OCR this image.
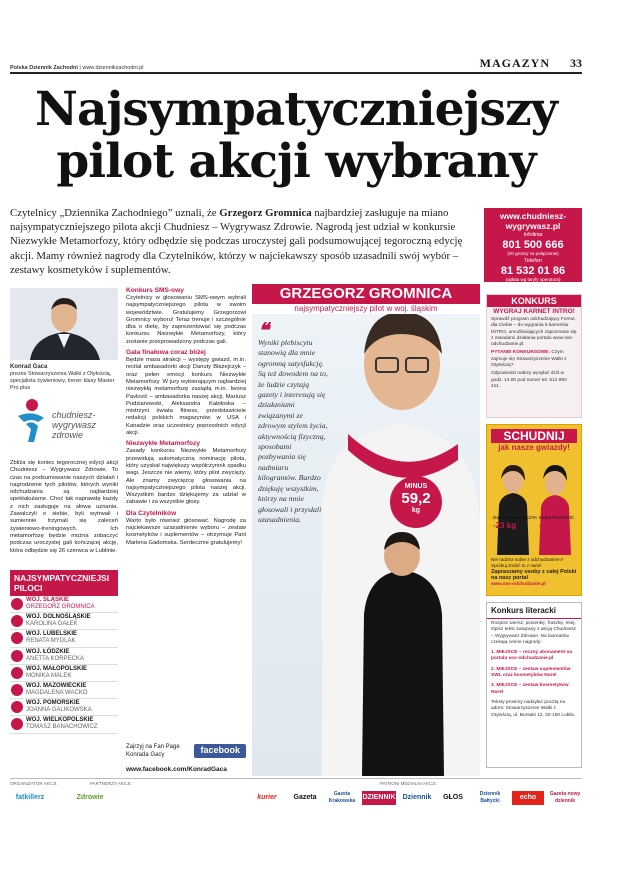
Polska Dziennik Zachodni | www.dziennikzachodni.pl	MAGAZYN 33
Najsympatyczniejszy
pilot akcji wybrany
Czytelnicy „Dziennika Zachodniego” uznali, że Grzegorz Gromnica najbardziej zasługuje na miano najsympatyczniejszego pilota akcji Chudniesz – Wygrywasz Zdrowie. Nagrodą jest udział w konkursie Niezwykłe Metamorfozy, który odbędzie się podczas uroczystej gali podsumowującej tegoroczną edycję akcji. Mamy również nagrody dla Czytelników, którzy w najciekawszy sposób uzasadnili swój wybór – zestawy kosmetyków i suplementów.
www.chudniesz-wygrywasz.pl
Infolinia
801 500 666
(20 groszy za połączenie)
Telefon
81 532 01 86
(opłata wg taryfy operatora)
Konrad Gaca
prezes Stowarzyszenia Walki z Otyłością, specjalista żywieniowy, trener klasy Master Pro plus
chudniesz-
wygrywasz
zdrowie
Zbliża się koniec tegorocznej edycji akcji Chudniesz – Wygrywasz Zdrowie. To czas na podsumowanie naszych działań i nagrodzenie tych pilotów, których wyniki odchudzania są najbardziej spektakularne. Choć tak naprawdę każdy z nich zasługuje na słowa uznania. Zawalczyli o siebie, byli wytrwali i sumiennie trzymali się zaleceń żywieniowo-treningowych. Ich metamorfozę będzie można zobaczyć podczas uroczystej gali kończącej akcję, która odbędzie się 26 czerwca w Lublinie.
NAJSYMPATYCZNIEJSI
PILOCI
WOJ. ŚLĄSKIE
GRZEGORZ GROMNICA
WOJ. DOLNOŚLĄSKIE
KAROLINA GAŁEK
WOJ. LUBELSKIE
RENATA MYDLAK
WOJ. ŁÓDZKIE
ANETTA KORPECKA
WOJ. MAŁOPOLSKIE
MONIKA MALEK
WOJ. MAZOWIECKIE
MAGDALENA WACKO
WOJ. POMORSKIE
JOANNA GALIKOWSKA
WOJ. WIELKOPOLSKIE
TOMASZ BANACHOWICZ
Konkurs SMS-owy

Czytelnicy w głosowaniu SMS-owym wybrali najsympatyczniejszego pilota w swoim województwie. Gratulujemy Grzegorzowi Gromnicy wyboru! Teraz trenuje i szczególnie dba o dietę, by zaprezentować się podczas konkursu Niezwykłe Metamorfozy, który zostanie przeprowadzony podczas gali.

Gala finałowa coraz bliżej

Będzie masa atrakcji – występy gwiazd, m.in. recital ambasadorki akcji Danuty Błażejczyk – oraz pełen emocji konkurs Niezwykłe Metamorfozy. W jury wybierającym najbardziej niezwykłą metamorfozę zasiądą m.in. Iwona Pavlović – ambasadorka naszej akcji, Mariusz Pudzianowski, Aleksandra Kabiłoska – mistrzyni świata fitness, przedstawiciele redakcji polskich magazynów w USA i Kanadzie oraz uczestnicy poprzednich edycji akcji.

Niezwykłe Metamorfozy

Zasady konkursu Niezwykłe Metamorfozy przewidują automatyczną nominację pilota, który uzyskał największy współczynnik spadku wagi. Jeszcze nie wiemy, który pilot zwycięży. Ale znamy zwycięzcę głosowania na najsympatyczniejszego pilota naszej akcji. Wszystkim bardzo dziękujemy za udział w zabawie i za wszystkie głosy.

Dla Czytelników

Warto było również głosować. Nagrodę za najciekawsze uzasadnienie wyboru – zestaw kosmetyków i suplementów – otrzymuje Pani Marlena Gadomska. Serdecznie gratulujemy!

Zajrzyj na Fan Page
Konrada Gacy	facebook
www.facebook.com/KonradGaca
GRZEGORZ GROMNICA
najsympatyczniejszy pilot w woj. śląskim
❝
Wyniki plebiscytu stanowią dla mnie ogromną satysfakcję. Są też dowodem na to, że ludzie czytają gazety i interesują się działaniami związanymi ze zdrowym stylem życia, aktywnością fizyczną, sposobami pozbywania się nadmiaru kilogramów. Bardzo dziękuję wszystkim, którzy na mnie głosowali i przysłali uzasadnienia.
MINUS
59,2
kg
KONKURS
WYGRAJ KARNET INTRO!
Sprawdź program odchudzający Forma dla Ciebie – do wygrania 5 karnetów INTRO, umożliwiających zapoznanie się z zasadami działania portalu www.sos-odchudzanie.pl.
PYTANIE KONKURSOWE: Czym zajmuje się Stowarzyszenie Walki z Otyłością?
Odpowiedzi należy wysyłać dziś w godz. 14.00 pod numer tel. 512 890 411.
SCHUDNIJ
jak nasze gwiazdy!
Danuta BŁAŻEJCZYK
-23 kg
Iwona PAVLOVIĆ
-18 kg
Nie radzisz sobie z odchudzaniem? Spróbuj zrobić to z nami!
Zapraszamy osoby z całej Polski na nasz portal
www.sos-odchudzanie.pl
Konkurs literacki
Rozpisz wiersz, piosenkę, fraszkę, esej. Opisz tekst związany z akcją Chudniesz – Wygrywasz Zdrowie. Na laureatów czekają cenne nagrody:
1. MIEJSCE – roczny abonament na portalu sos-odchudzanie.pl
2. MIEJSCE – zestaw suplementów SWL oraz kosmetyków Norel
3. MIEJSCE – zestaw kosmetyków Norel
Teksty prosimy nadsyłać pocztą na adres: Stowarzyszenie Walki z Otyłością, ul. Bursaki 12, 20-150 Lublin.
ORGANIZATOR AKCJI:	PARTNERZY AKCJI:	PATRONI MEDIALNI AKCJI:
fatkillerz	Zdrowie	kurier	Gazeta	Gazeta Krakowska	DZIENNIK	Dziennik	GŁOS	Dziennik Bałtycki	echo	Gazeta nowy dziennik
